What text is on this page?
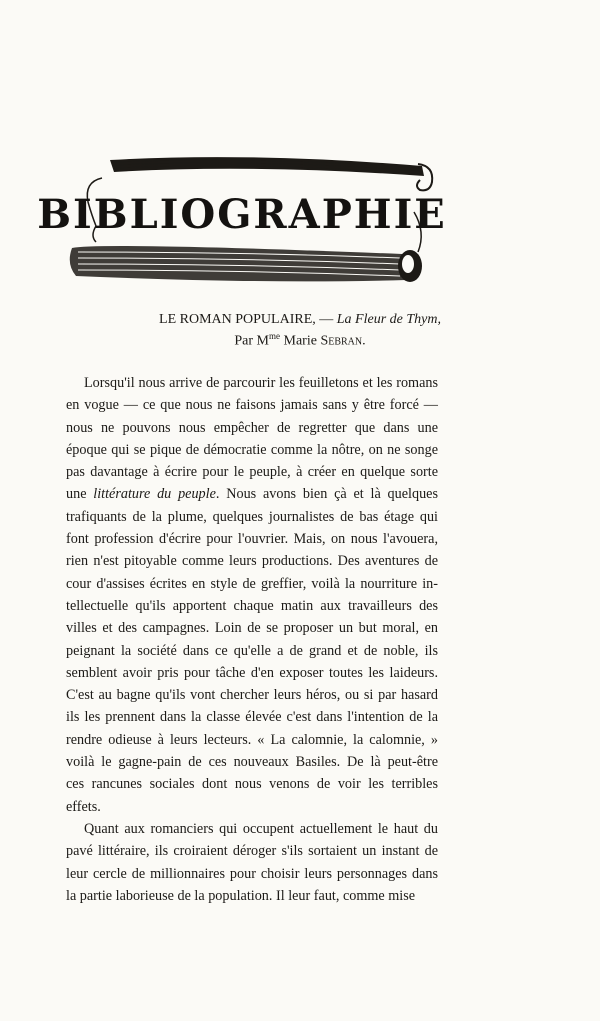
BIBLIOGRAPHIE
LE ROMAN POPULAIRE, — La Fleur de Thym,
Par $M^{me}$ Marie Sebran.
Lorsqu'il nous arrive de parcourir les feuilletons et les romans
en vogue — ce que nous ne faisons jamais sans y être forcé —
nous ne pouvons nous empêcher de regretter que dans une
époque qui se pique de démocratie comme la nôtre, on ne songe
pas davantage à écrire pour le peuple, à créer en quelque sorte
une littérature du peuple. Nous avons bien çà et là quelques
trafiquants de la plume, quelques journalistes de bas étage qui
font profession d'écrire pour l'ouvrier. Mais, on nous l'avouera,
rien n'est pitoyable comme leurs productions. Des aventures de
cour d'assises écrites en style de greffier, voilà la nourriture in-
tellectuelle qu'ils apportent chaque matin aux travailleurs des
villes et des campagnes. Loin de se proposer un but moral, en
peignant la société dans ce qu'elle a de grand et de noble, ils
semblent avoir pris pour tâche d'en exposer toutes les laideurs.
C'est au bagne qu'ils vont chercher leurs héros, ou si par hasard
ils les prennent dans la classe élevée c'est dans l'intention de la
rendre odieuse à leurs lecteurs. « La calomnie, la calomnie, »
voilà le gagne-pain de ces nouveaux Basiles. De là peut-être
ces rancunes sociales dont nous venons de voir les terribles
effets.
Quant aux romanciers qui occupent actuellement le haut du
pavé littéraire, ils croiraient déroger s'ils sortaient un instant de
leur cercle de millionnaires pour choisir leurs personnages dans
la partie laborieuse de la population. Il leur faut, comme mise
